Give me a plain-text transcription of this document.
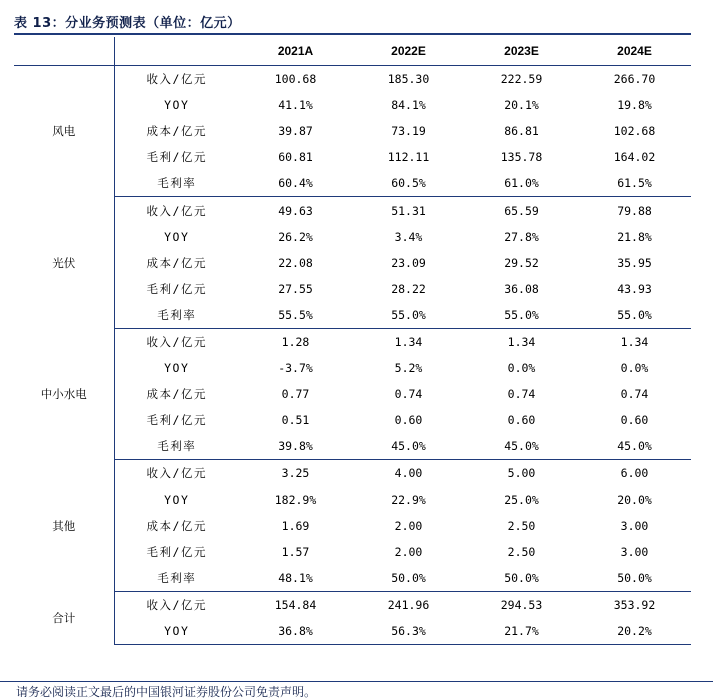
表 13：分业务预测表（单位：亿元）
		2021A	2022E	2023E	2024E
风电	收入/亿元	100.68	185.30	222.59	266.70
	YOY	41.1%	84.1%	20.1%	19.8%
	成本/亿元	39.87	73.19	86.81	102.68
	毛利/亿元	60.81	112.11	135.78	164.02
	毛利率	60.4%	60.5%	61.0%	61.5%
光伏	收入/亿元	49.63	51.31	65.59	79.88
	YOY	26.2%	3.4%	27.8%	21.8%
	成本/亿元	22.08	23.09	29.52	35.95
	毛利/亿元	27.55	28.22	36.08	43.93
	毛利率	55.5%	55.0%	55.0%	55.0%
中小水电	收入/亿元	1.28	1.34	1.34	1.34
	YOY	-3.7%	5.2%	0.0%	0.0%
	成本/亿元	0.77	0.74	0.74	0.74
	毛利/亿元	0.51	0.60	0.60	0.60
	毛利率	39.8%	45.0%	45.0%	45.0%
其他	收入/亿元	3.25	4.00	5.00	6.00
	YOY	182.9%	22.9%	25.0%	20.0%
	成本/亿元	1.69	2.00	2.50	3.00
	毛利/亿元	1.57	2.00	2.50	3.00
	毛利率	48.1%	50.0%	50.0%	50.0%
合计	收入/亿元	154.84	241.96	294.53	353.92
	YOY	36.8%	56.3%	21.7%	20.2%
请务必阅读正文最后的中国银河证券股份公司免责声明。
